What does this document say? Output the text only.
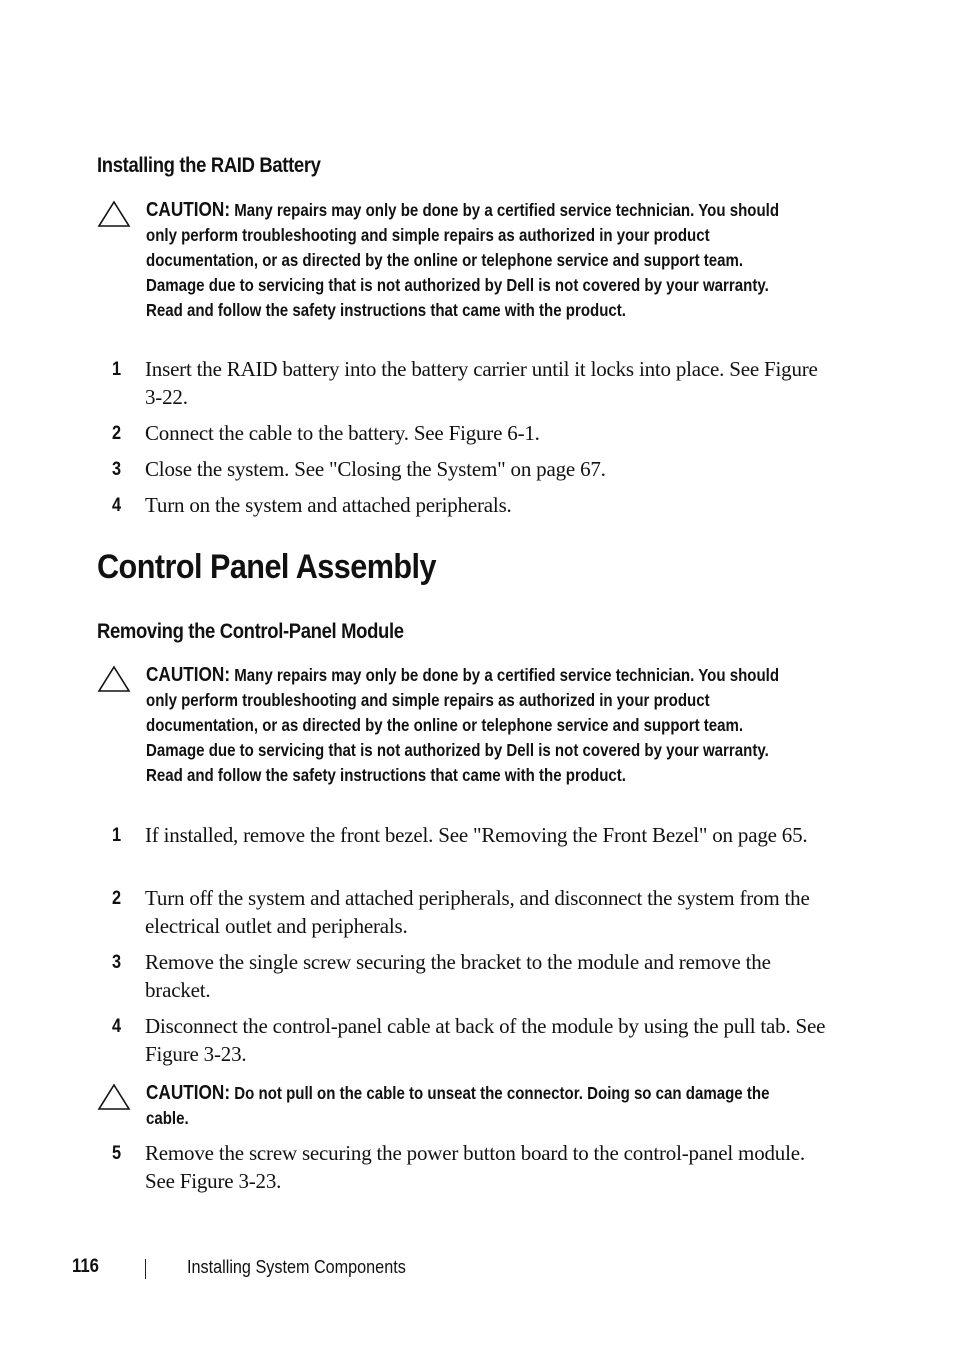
Installing the RAID Battery
CAUTION: Many repairs may only be done by a certified service technician. You should only perform troubleshooting and simple repairs as authorized in your product documentation, or as directed by the online or telephone service and support team. Damage due to servicing that is not authorized by Dell is not covered by your warranty. Read and follow the safety instructions that came with the product.
1 Insert the RAID battery into the battery carrier until it locks into place. See Figure 3-22.
2 Connect the cable to the battery. See Figure 6-1.
3 Close the system. See "Closing the System" on page 67.
4 Turn on the system and attached peripherals.
Control Panel Assembly
Removing the Control-Panel Module
CAUTION: Many repairs may only be done by a certified service technician. You should only perform troubleshooting and simple repairs as authorized in your product documentation, or as directed by the online or telephone service and support team. Damage due to servicing that is not authorized by Dell is not covered by your warranty. Read and follow the safety instructions that came with the product.
1 If installed, remove the front bezel. See "Removing the Front Bezel" on page 65.
2 Turn off the system and attached peripherals, and disconnect the system from the electrical outlet and peripherals.
3 Remove the single screw securing the bracket to the module and remove the bracket.
4 Disconnect the control-panel cable at back of the module by using the pull tab. See Figure 3-23.
CAUTION: Do not pull on the cable to unseat the connector. Doing so can damage the cable.
5 Remove the screw securing the power button board to the control-panel module. See Figure 3-23.
116	Installing System Components
